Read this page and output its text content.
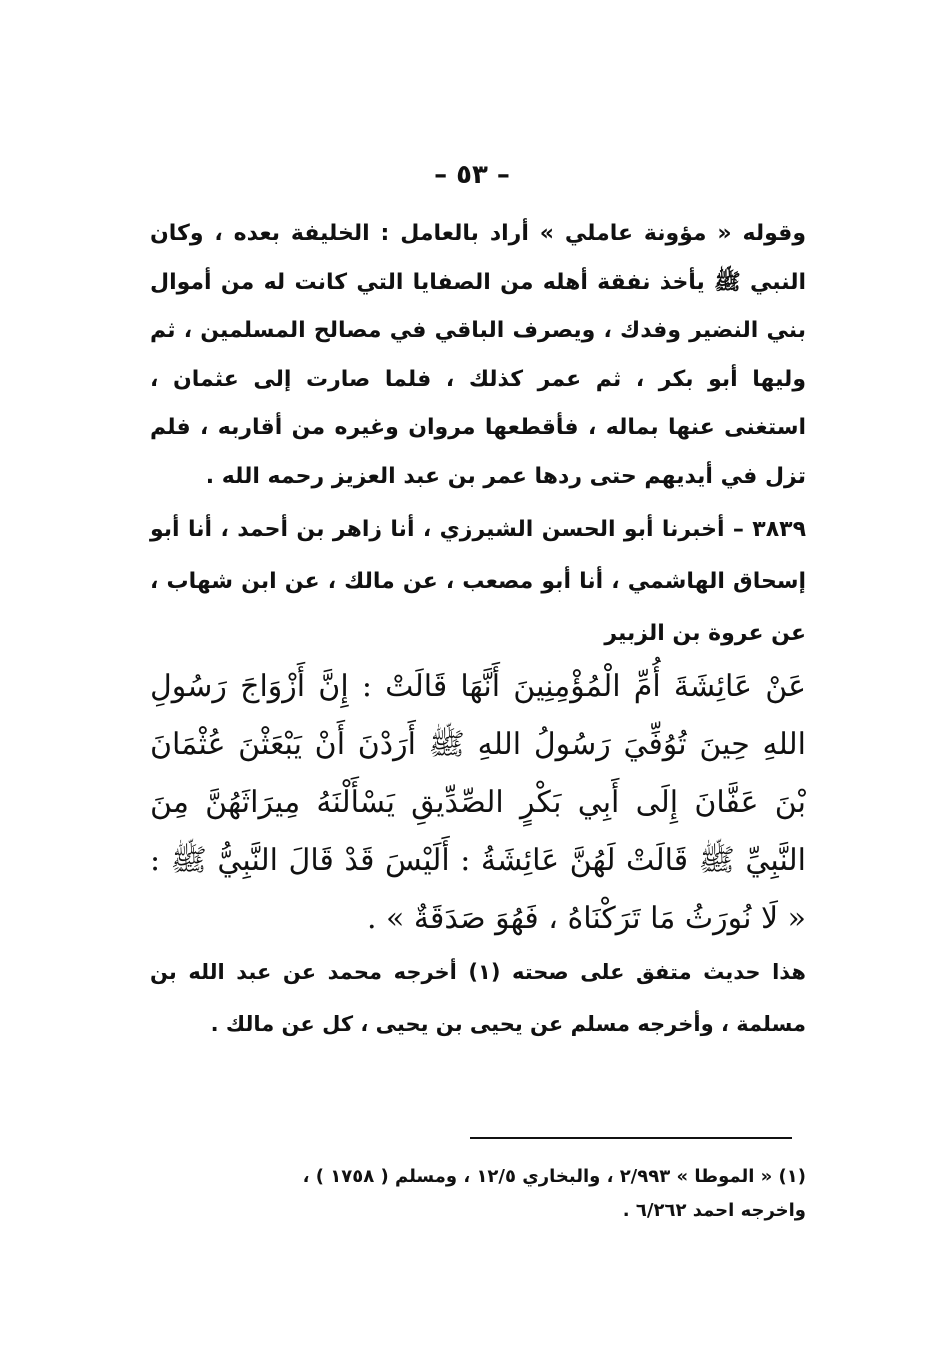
– ٥٣ –
وقوله « مؤونة عاملي » أراد بالعامل : الخليفة بعده ، وكان النبي ﷺ يأخذ نفقة أهله من الصفايا التي كانت له من أموال بني النضير وفدك ، ويصرف الباقي في مصالح المسلمين ، ثم وليها أبو بكر ، ثم عمر كذلك ، فلما صارت إلى عثمان ، استغنى عنها بماله ، فأقطعها مروان وغيره من أقاربه ، فلم تزل في أيديهم حتى ردها عمر بن عبد العزيز رحمه الله .
٣٨٣٩ – أخبرنا أبو الحسن الشيرزي ، أنا زاهر بن أحمد ، أنا أبو إسحاق الهاشمي ، أنا أبو مصعب ، عن مالك ، عن ابن شهاب ، عن عروة بن الزبير
عَنْ عَائِشَةَ أُمِّ الْمُؤْمِنِينَ أَنَّهَا قَالَتْ : إِنَّ أَزْوَاجَ رَسُولِ اللهِ حِينَ تُوُفِّيَ رَسُولُ اللهِ ﷺ أَرَدْنَ أَنْ يَبْعَثْنَ عُثْمَانَ بْنَ عَفَّانَ إِلَى أَبِي بَكْرٍ الصِّدِّيقِ يَسْأَلْنَهُ مِيرَاثَهُنَّ مِنَ النَّبِيِّ ﷺ قَالَتْ لَهُنَّ عَائِشَةُ : أَلَيْسَ قَدْ قَالَ النَّبِيُّ ﷺ : « لَا نُورَثُ مَا تَرَكْنَاهُ ، فَهُوَ صَدَقَةٌ » .
هذا حديث متفق على صحته (١) أخرجه محمد عن عبد الله بن مسلمة ، وأخرجه مسلم عن يحيى بن يحيى ، كل عن مالك .
(١) « الموطا » ٢/٩٩٣ ، والبخاري ١٢/٥ ، ومسلم ( ١٧٥٨ ) ،
واخرجه احمد ٦/٢٦٢ .
